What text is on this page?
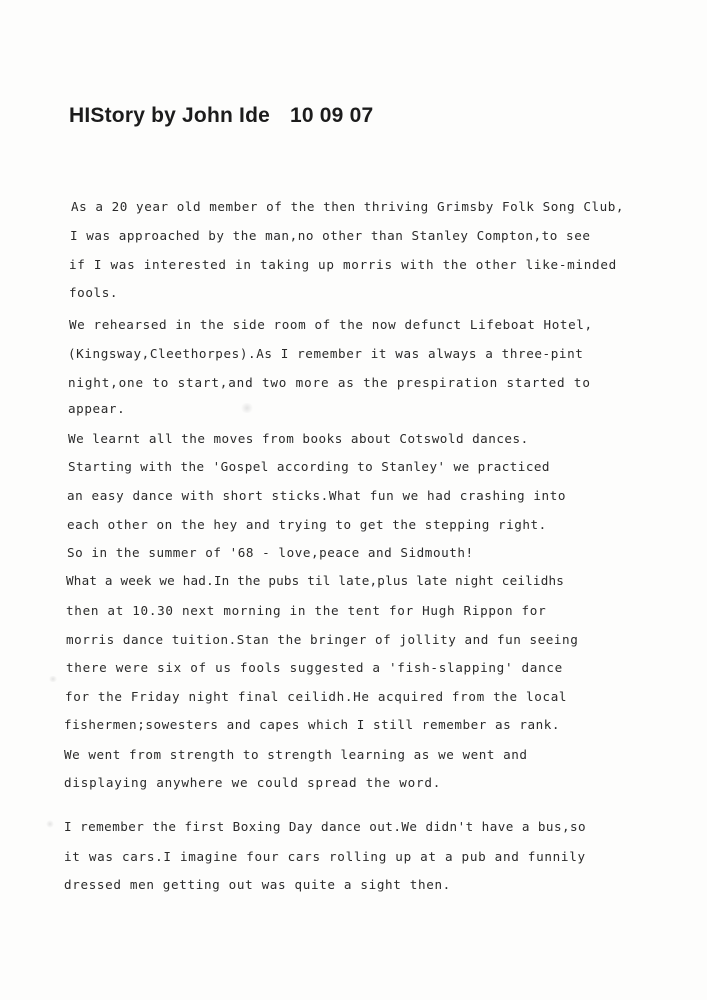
HIStory by John Ide 10 09 07

As a 20 year old member of the then thriving Grimsby Folk Song Club,

I was approached by the man,no other than Stanley Compton,to see

if I was interested in taking up morris with the other like-minded

fools.

We rehearsed in the side room of the now defunct Lifeboat Hotel,

(Kingsway,Cleethorpes).As I remember it was always a three-pint

night,one to start,and two more as the prespiration started to

appear.

We learnt all the moves from books about Cotswold dances.

Starting with the 'Gospel according to Stanley' we practiced

an easy dance with short sticks.What fun we had crashing into

each other on the hey and trying to get the stepping right.

So in the summer of '68 - love,peace and Sidmouth!

What a week we had.In the pubs til late,plus late night ceilidhs

then at 10.30 next morning in the tent for Hugh Rippon for

morris dance tuition.Stan the bringer of jollity and fun seeing

there were six of us fools suggested a 'fish-slapping' dance

for the Friday night final ceilidh.He acquired from the local

fishermen;sowesters and capes which I still remember as rank.

We went from strength to strength learning as we went and

displaying anywhere we could spread the word.

I remember the first Boxing Day dance out.We didn't have a bus,so

it was cars.I imagine four cars rolling up at a pub and funnily

dressed men getting out was quite a sight then.
